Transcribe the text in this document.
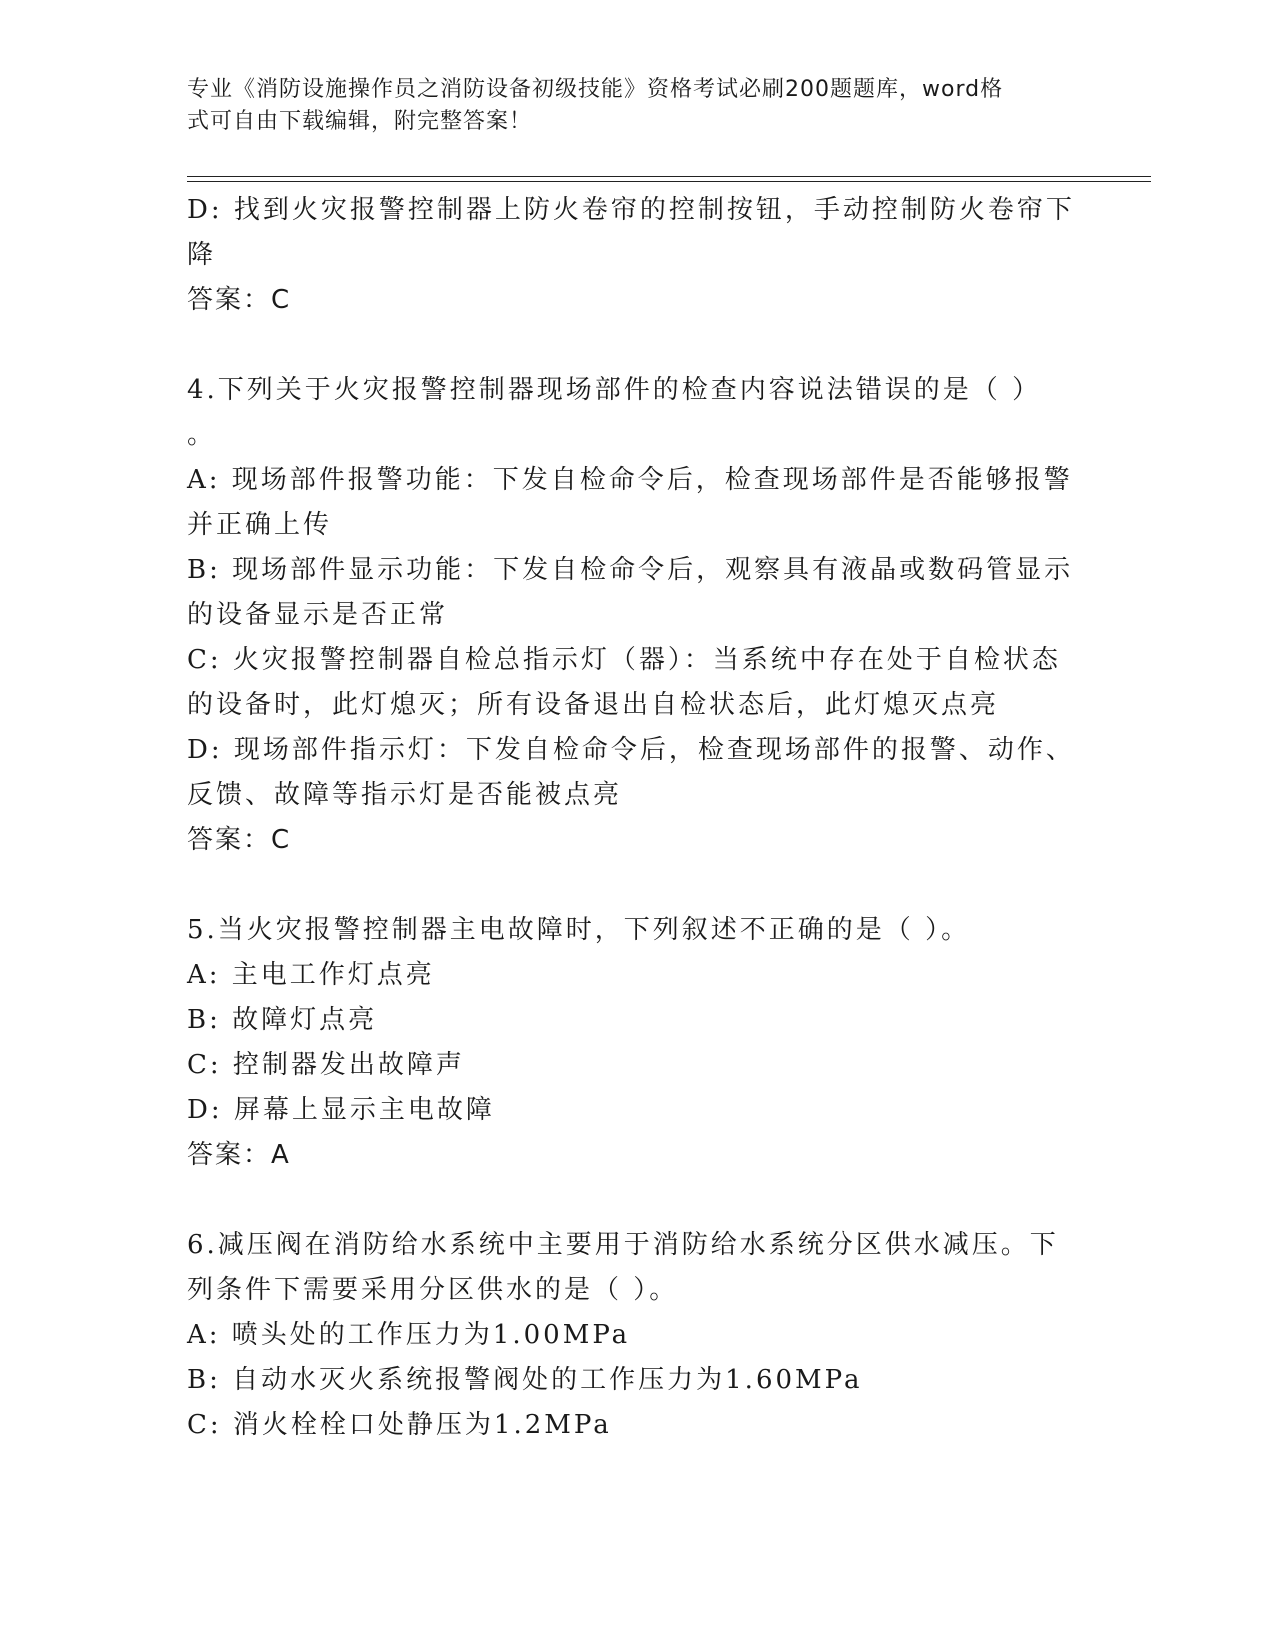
专业《消防设施操作员之消防设备初级技能》资格考试必刷200题题库，word格
式可自由下载编辑，附完整答案！
D: 找到火灾报警控制器上防火卷帘的控制按钮，手动控制防火卷帘下
降
答案：C
4.下列关于火灾报警控制器现场部件的检查内容说法错误的是（ ）
。
A: 现场部件报警功能：下发自检命令后，检查现场部件是否能够报警
并正确上传
B: 现场部件显示功能：下发自检命令后，观察具有液晶或数码管显示
的设备显示是否正常
C: 火灾报警控制器自检总指示灯（器）：当系统中存在处于自检状态
的设备时，此灯熄灭；所有设备退出自检状态后，此灯熄灭点亮
D: 现场部件指示灯：下发自检命令后，检查现场部件的报警、动作、
反馈、故障等指示灯是否能被点亮
答案：C
5.当火灾报警控制器主电故障时，下列叙述不正确的是（ ）。
A: 主电工作灯点亮
B: 故障灯点亮
C: 控制器发出故障声
D: 屏幕上显示主电故障
答案：A
6.减压阀在消防给水系统中主要用于消防给水系统分区供水减压。下
列条件下需要采用分区供水的是（ ）。
A: 喷头处的工作压力为1.00MPa
B: 自动水灭火系统报警阀处的工作压力为1.60MPa
C: 消火栓栓口处静压为1.2MPa
